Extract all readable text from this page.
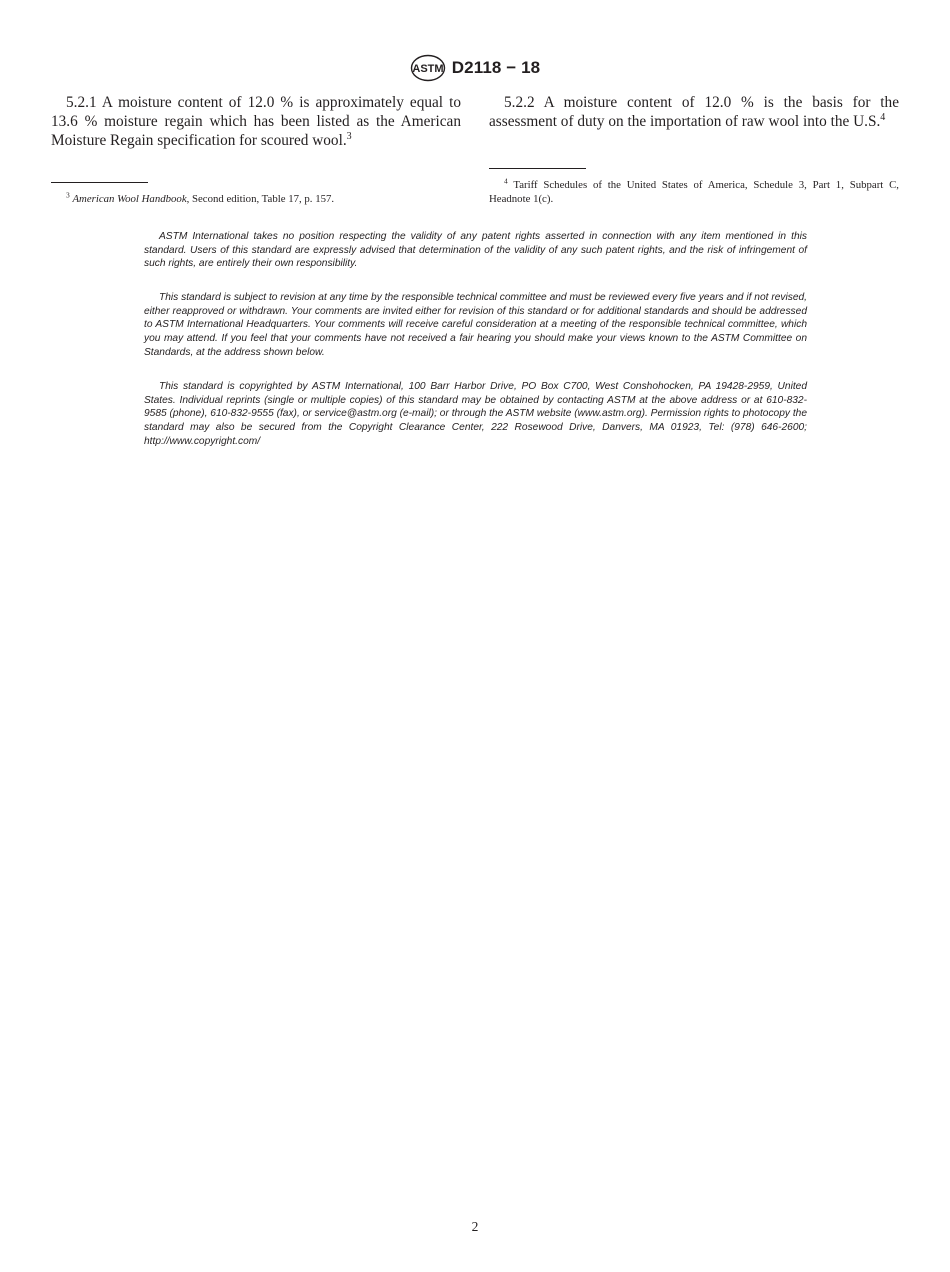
ASTM D2118 − 18

5.2.1 A moisture content of 12.0 % is approximately equal to 13.6 % moisture regain which has been listed as the American Moisture Regain specification for scoured wool.$^3$

5.2.2 A moisture content of 12.0 % is the basis for the assessment of duty on the importation of raw wool into the U.S.$^4$

$^3$ American Wool Handbook, Second edition, Table 17, p. 157.

$^4$ Tariff Schedules of the United States of America, Schedule 3, Part 1, Subpart C, Headnote 1(c).

ASTM International takes no position respecting the validity of any patent rights asserted in connection with any item mentioned in this standard. Users of this standard are expressly advised that determination of the validity of any such patent rights, and the risk of infringement of such rights, are entirely their own responsibility.

This standard is subject to revision at any time by the responsible technical committee and must be reviewed every five years and if not revised, either reapproved or withdrawn. Your comments are invited either for revision of this standard or for additional standards and should be addressed to ASTM International Headquarters. Your comments will receive careful consideration at a meeting of the responsible technical committee, which you may attend. If you feel that your comments have not received a fair hearing you should make your views known to the ASTM Committee on Standards, at the address shown below.

This standard is copyrighted by ASTM International, 100 Barr Harbor Drive, PO Box C700, West Conshohocken, PA 19428-2959, United States. Individual reprints (single or multiple copies) of this standard may be obtained by contacting ASTM at the above address or at 610-832-9585 (phone), 610-832-9555 (fax), or service@astm.org (e-mail); or through the ASTM website (www.astm.org). Permission rights to photocopy the standard may also be secured from the Copyright Clearance Center, 222 Rosewood Drive, Danvers, MA 01923, Tel: (978) 646-2600; http://www.copyright.com/

2
